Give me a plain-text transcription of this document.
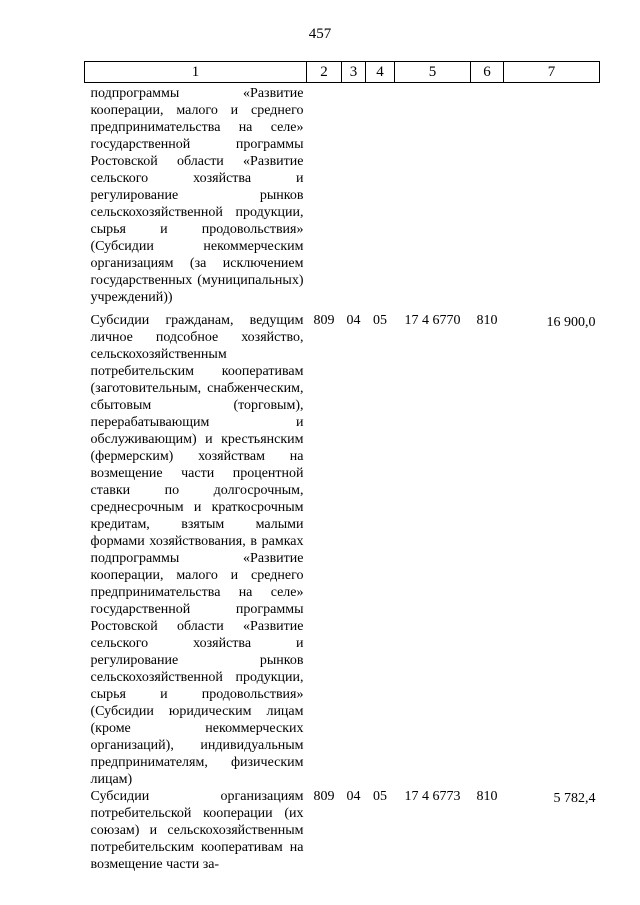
457
1	2	3	4	5	6	7
подпрограммы «Развитие кооперации, малого и среднего предпринимательства на селе» государственной программы Ростовской области «Развитие сельского хозяйства и регулирование рынков сельскохозяйственной продукции, сырья и продовольствия» (Субсидии некоммерческим организациям (за исключением государственных (муниципальных) учреждений))						
Субсидии гражданам, ведущим личное подсобное хозяйство, сельскохозяйственным потребительским кооперативам (заготовительным, снабженческим, сбытовым (торговым), перерабатывающим и обслуживающим) и крестьянским (фермерским) хозяйствам на возмещение части процентной ставки по долгосрочным, среднесрочным и краткосрочным кредитам, взятым малыми формами хозяйствования, в рамках подпрограммы «Развитие кооперации, малого и среднего предпринимательства на селе» государственной программы Ростовской области «Развитие сельского хозяйства и регулирование рынков сельскохозяйственной продукции, сырья и продовольствия» (Субсидии юридическим лицам (кроме некоммерческих организаций), индивидуальным предпринимателям, физическим лицам)	809	04	05	17 4 6770	810	16 900,0
Субсидии организациям потребительской кооперации (их союзам) и сельскохозяйственным потребительским кооперативам на возмещение части за-	809	04	05	17 4 6773	810	5 782,4
